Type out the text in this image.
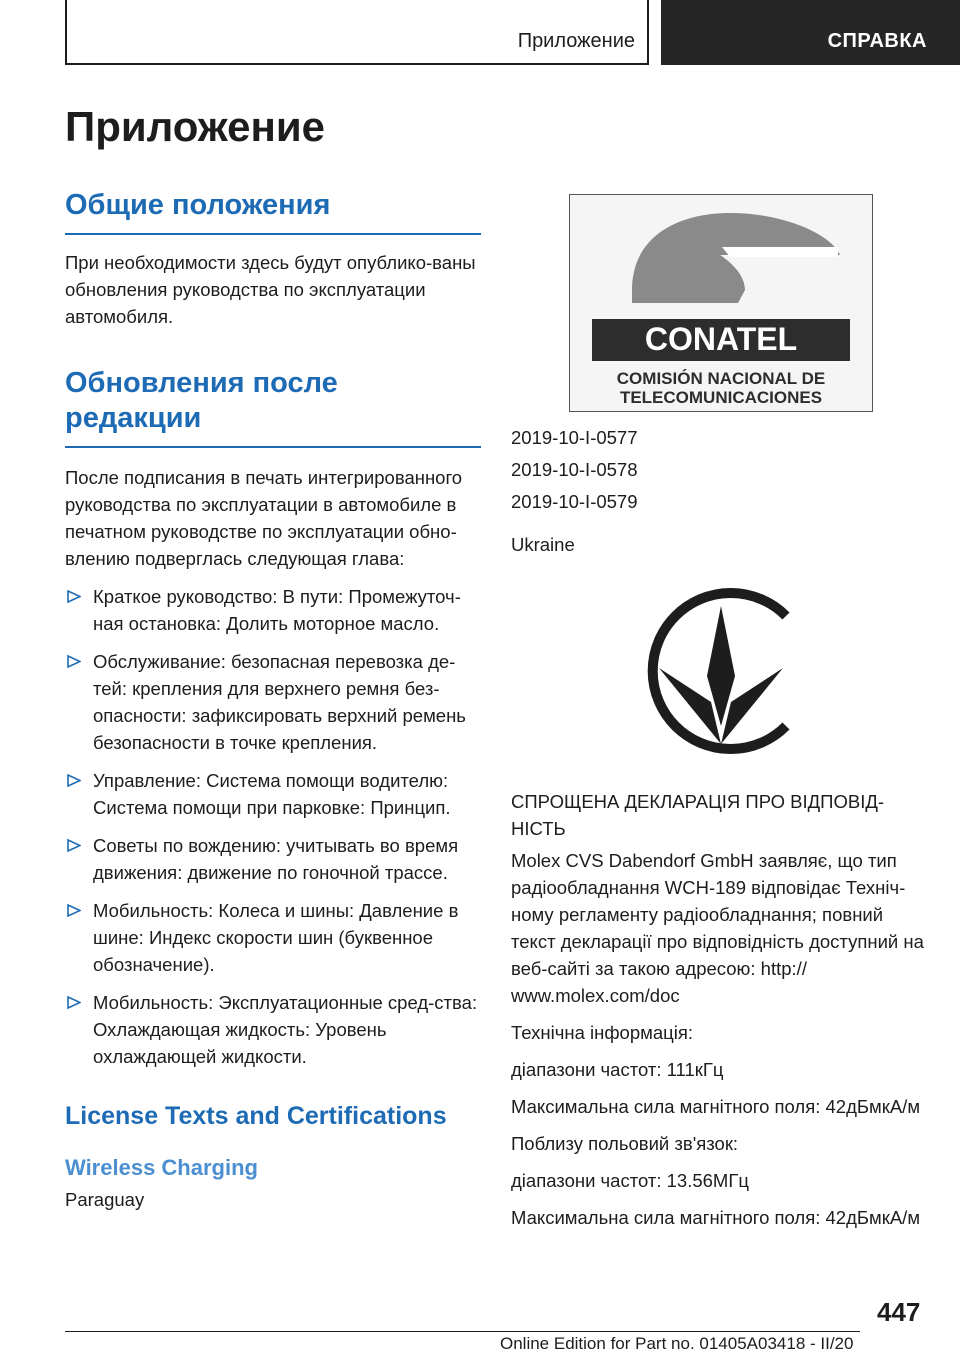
Приложение	СПРАВКА
Приложение
Общие положения

При необходимости здесь будут опублико-ваны обновления руководства по эксплуатации автомобиля.

Обновления после
редакции

После подписания в печать интегрированного руководства по эксплуатации в автомобиле в печатном руководстве по эксплуатации обно-влению подверглась следующая глава:

Краткое руководство: В пути: Промежуточ-ная остановка: Долить моторное масло.
Обслуживание: безопасная перевозка де-тей: крепления для верхнего ремня без-опасности: зафиксировать верхний ремень безопасности в точке крепления.
Управление: Система помощи водителю: Система помощи при парковке: Принцип.
Советы по вождению: учитывать во время движения: движение по гоночной трассе.
Мобильность: Колеса и шины: Давление в шине: Индекс скорости шин (буквенное обозначение).
Мобильность: Эксплуатационные сред-ства: Охлаждающая жидкость: Уровень охлаждающей жидкости.
License Texts and Certifications
Wireless Charging

Paraguay

CONATEL
COMISIÓN NACIONAL DE
TELECOMUNICACIONES

2019-10-I-0577

2019-10-I-0578

2019-10-I-0579

Ukraine

СПРОЩЕНА ДЕКЛАРАЦІЯ ПРО ВІДПОВІД-НІСТЬ

Molex CVS Dabendorf GmbH заявляє, що тип радіообладнання WCH-189 відповідає Техніч-ному регламенту радіообладнання; повний текст декларації про відповідність доступний на веб-сайті за такою адресою: http:// www.molex.com/doc

Технічна інформація:

діапазони частот: 111кГц

Максимальна сила магнітного поля: 42дБмкА/м

Поблизу польовий зв'язок:

діапазони частот: 13.56МГц

Максимальна сила магнітного поля: 42дБмкА/м

447
Online Edition for Part no. 01405A03418 - II/20
